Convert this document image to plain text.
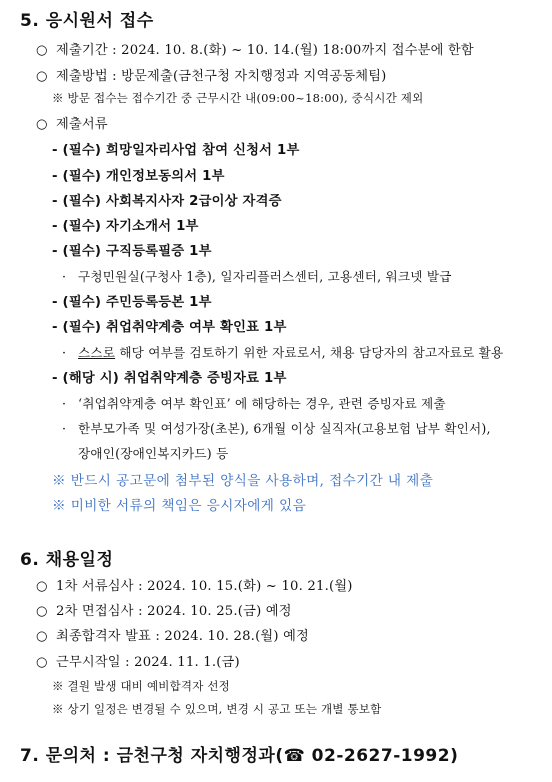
5. 응시원서 접수
○ 제출기간 : 2024. 10. 8.(화) ~ 10. 14.(월) 18:00까지 접수분에 한함
○ 제출방법 : 방문제출(금천구청 자치행정과 지역공동체팀)
※ 방문 접수는 접수기간 중 근무시간 내(09:00~18:00), 중식시간 제외
○ 제출서류
- (필수) 희망일자리사업 참여 신청서 1부
- (필수) 개인정보동의서 1부
- (필수) 사회복지사자 2급이상 자격증
- (필수) 자기소개서 1부
- (필수) 구직등록필증 1부
· 구청민원실(구청사 1층), 일자리플러스센터, 고용센터, 워크넷 발급
- (필수) 주민등록등본 1부
- (필수) 취업취약계층 여부 확인표 1부
· 스스로 해당 여부를 검토하기 위한 자료로서, 채용 담당자의 참고자료로 활용
- (해당 시) 취업취약계층 증빙자료 1부
· ‘취업취약계층 여부 확인표’ 에 해당하는 경우, 관련 증빙자료 제출
· 한부모가족 및 여성가장(초본), 6개월 이상 실직자(고용보험 납부 확인서),
장애인(장애인복지카드) 등
※ 반드시 공고문에 첨부된 양식을 사용하며, 접수기간 내 제출
※ 미비한 서류의 책임은 응시자에게 있음
6. 채용일정
○ 1차 서류심사 : 2024. 10. 15.(화) ~ 10. 21.(월)
○ 2차 면접심사 : 2024. 10. 25.(금) 예정
○ 최종합격자 발표 : 2024. 10. 28.(월) 예정
○ 근무시작일 : 2024. 11. 1.(금)
※ 결원 발생 대비 예비합격자 선정
※ 상기 일정은 변경될 수 있으며, 변경 시 공고 또는 개별 통보함
7. 문의처 : 금천구청 자치행정과(☎ 02-2627-1992)
